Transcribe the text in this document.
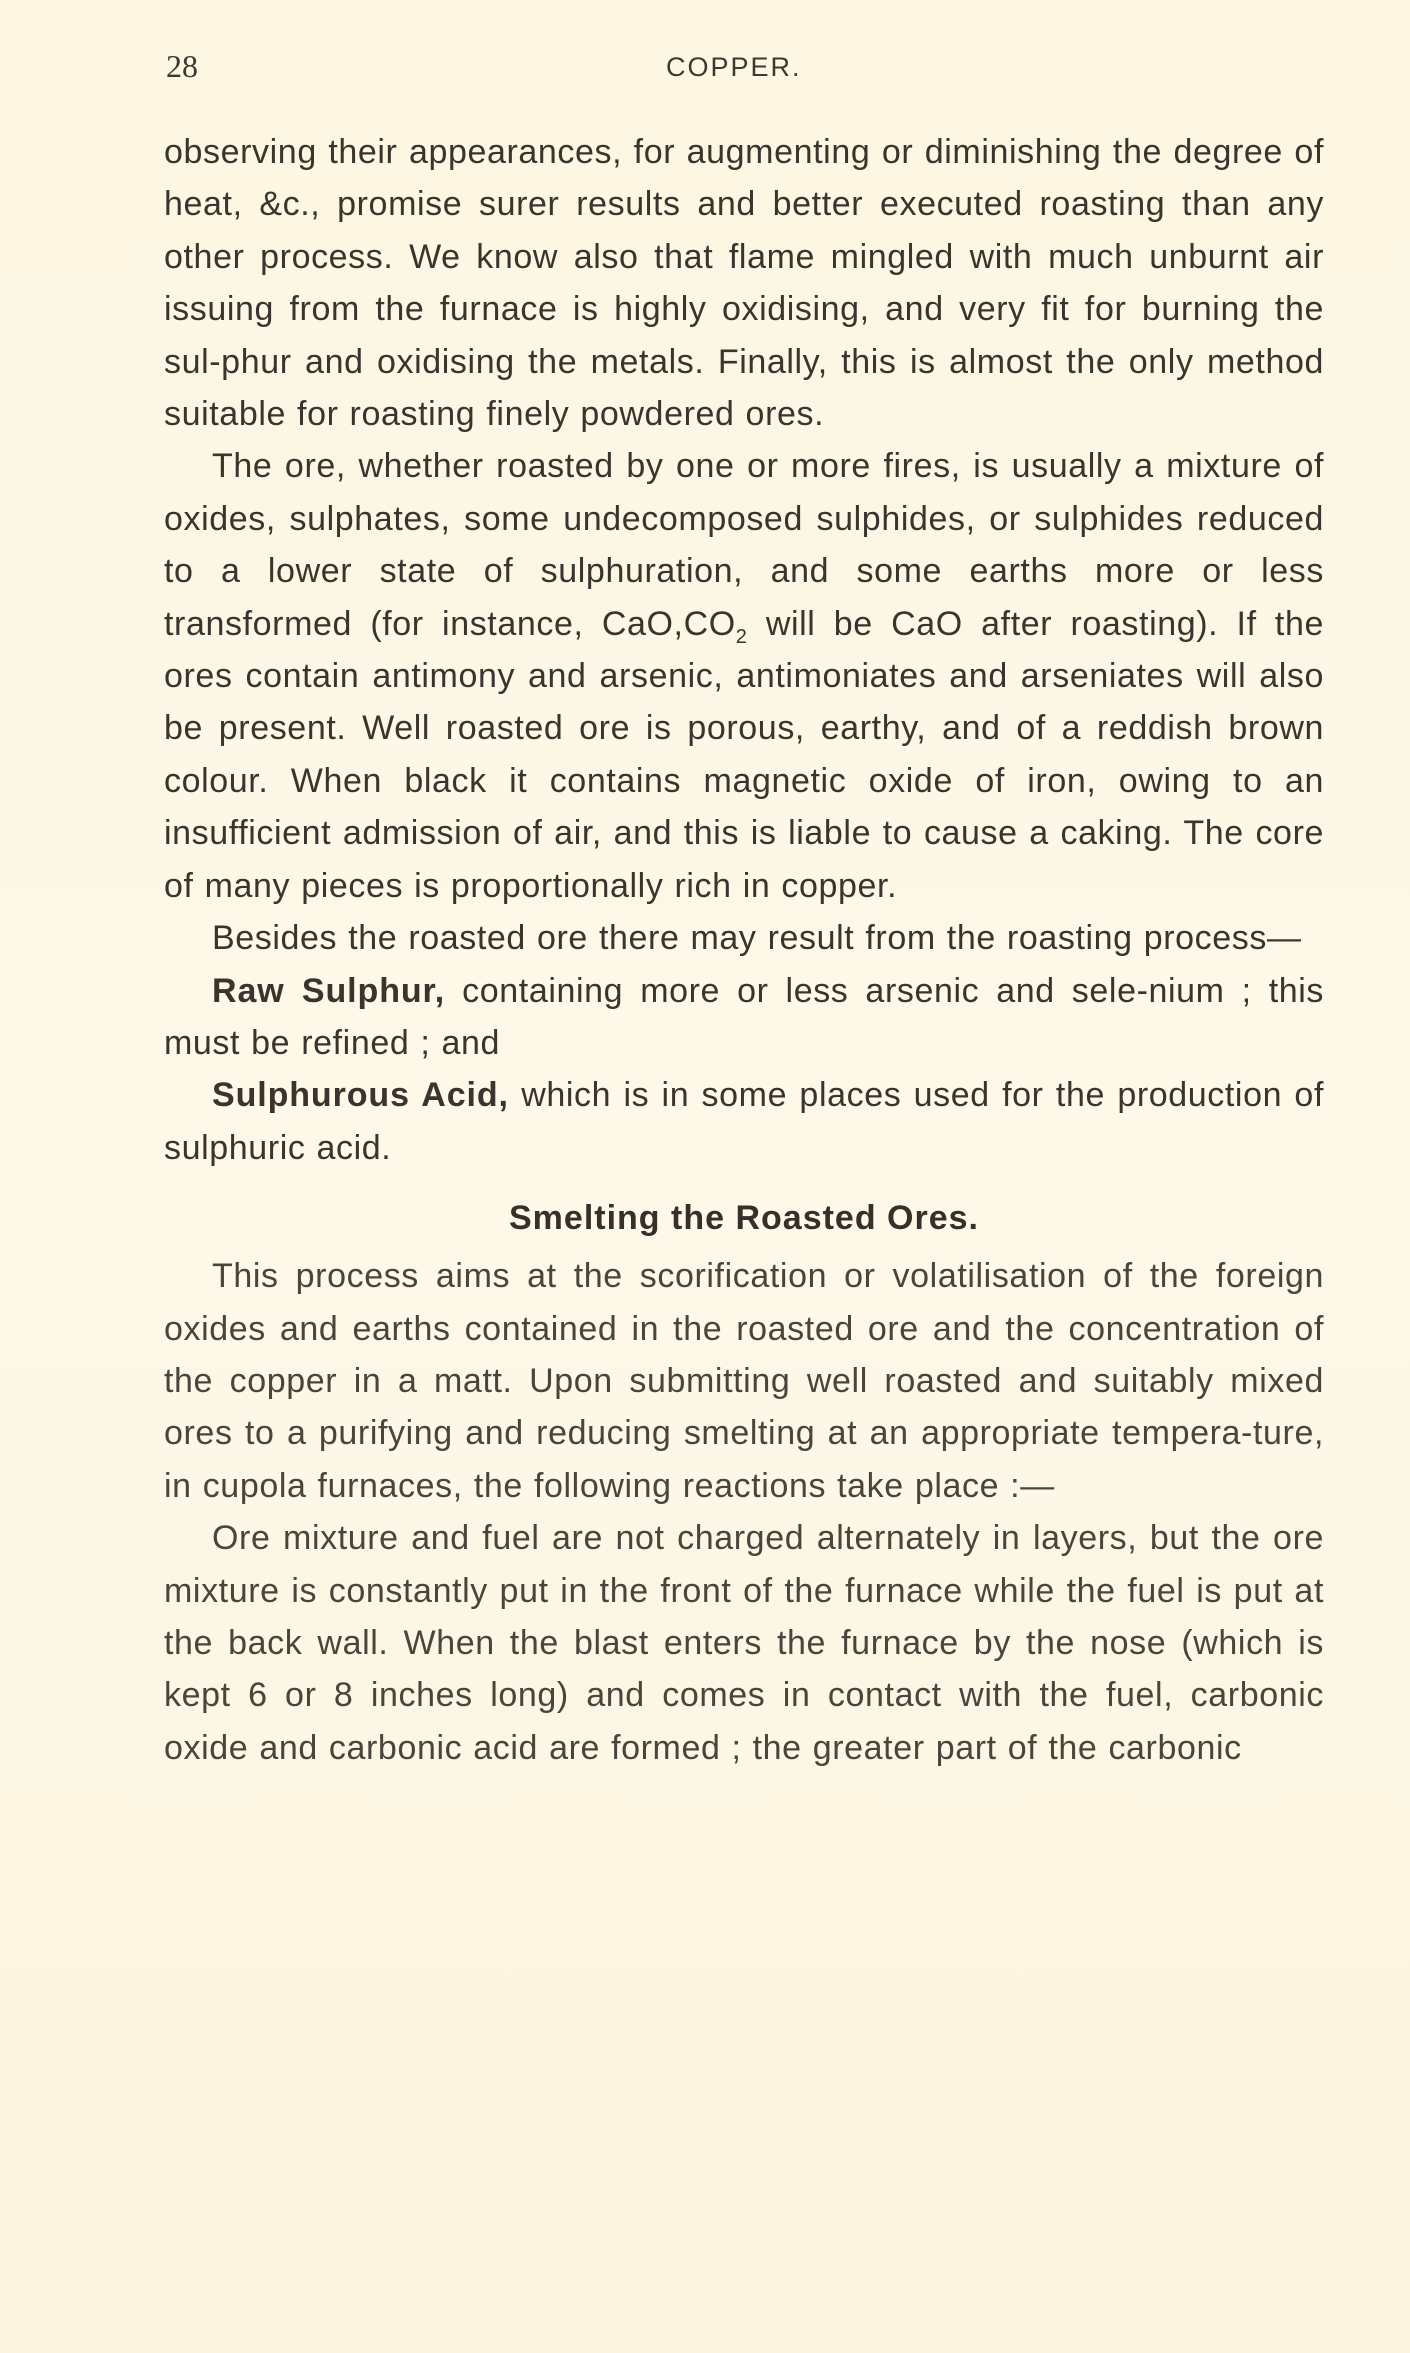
28	COPPER.

observing their appearances, for augmenting or diminishing the degree of heat, &c., promise surer results and better executed roasting than any other process. We know also that flame mingled with much unburnt air issuing from the furnace is highly oxidising, and very fit for burning the sul-phur and oxidising the metals. Finally, this is almost the only method suitable for roasting finely powdered ores.

The ore, whether roasted by one or more fires, is usually a mixture of oxides, sulphates, some undecomposed sulphides, or sulphides reduced to a lower state of sulphuration, and some earths more or less transformed (for instance, $CaO,CO_2$ will be CaO after roasting). If the ores contain antimony and arsenic, antimoniates and arseniates will also be present. Well roasted ore is porous, earthy, and of a reddish brown colour. When black it contains magnetic oxide of iron, owing to an insufficient admission of air, and this is liable to cause a caking. The core of many pieces is proportionally rich in copper.

Besides the roasted ore there may result from the roasting process—

Raw Sulphur, containing more or less arsenic and sele-nium ; this must be refined ; and

Sulphurous Acid, which is in some places used for the production of sulphuric acid.

Smelting the Roasted Ores.

This process aims at the scorification or volatilisation of the foreign oxides and earths contained in the roasted ore and the concentration of the copper in a matt. Upon submitting well roasted and suitably mixed ores to a purifying and reducing smelting at an appropriate tempera-ture, in cupola furnaces, the following reactions take place :—

Ore mixture and fuel are not charged alternately in layers, but the ore mixture is constantly put in the front of the furnace while the fuel is put at the back wall. When the blast enters the furnace by the nose (which is kept 6 or 8 inches long) and comes in contact with the fuel, carbonic oxide and carbonic acid are formed ; the greater part of the carbonic
